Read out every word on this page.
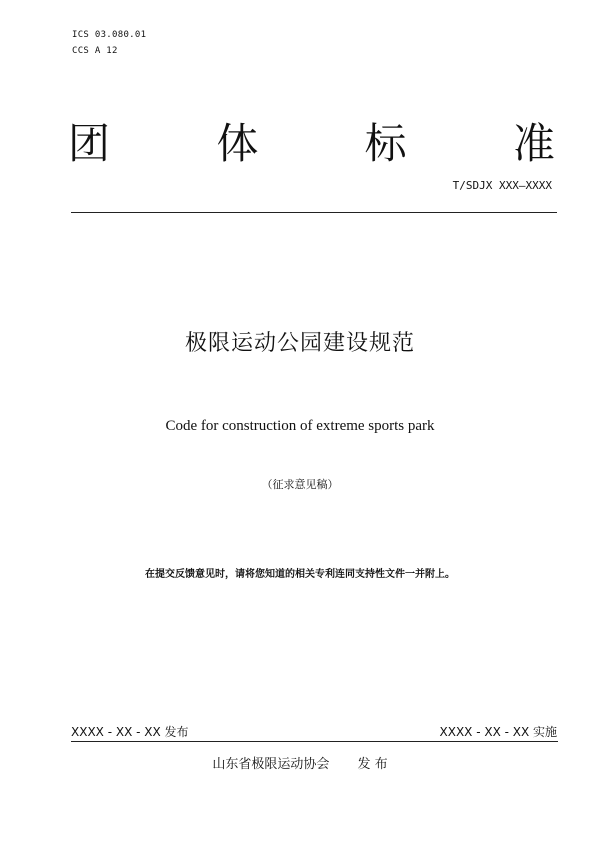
ICS 03.080.01
CCS A 12
团	体	标	准
T/SDJX XXX—XXXX
极限运动公园建设规范
Code for construction of extreme sports park
（征求意见稿）
在提交反馈意见时，请将您知道的相关专利连同支持性文件一并附上。
XXXX - XX - XX 发布	XXXX - XX - XX 实施
山东省极限运动协会 发 布
